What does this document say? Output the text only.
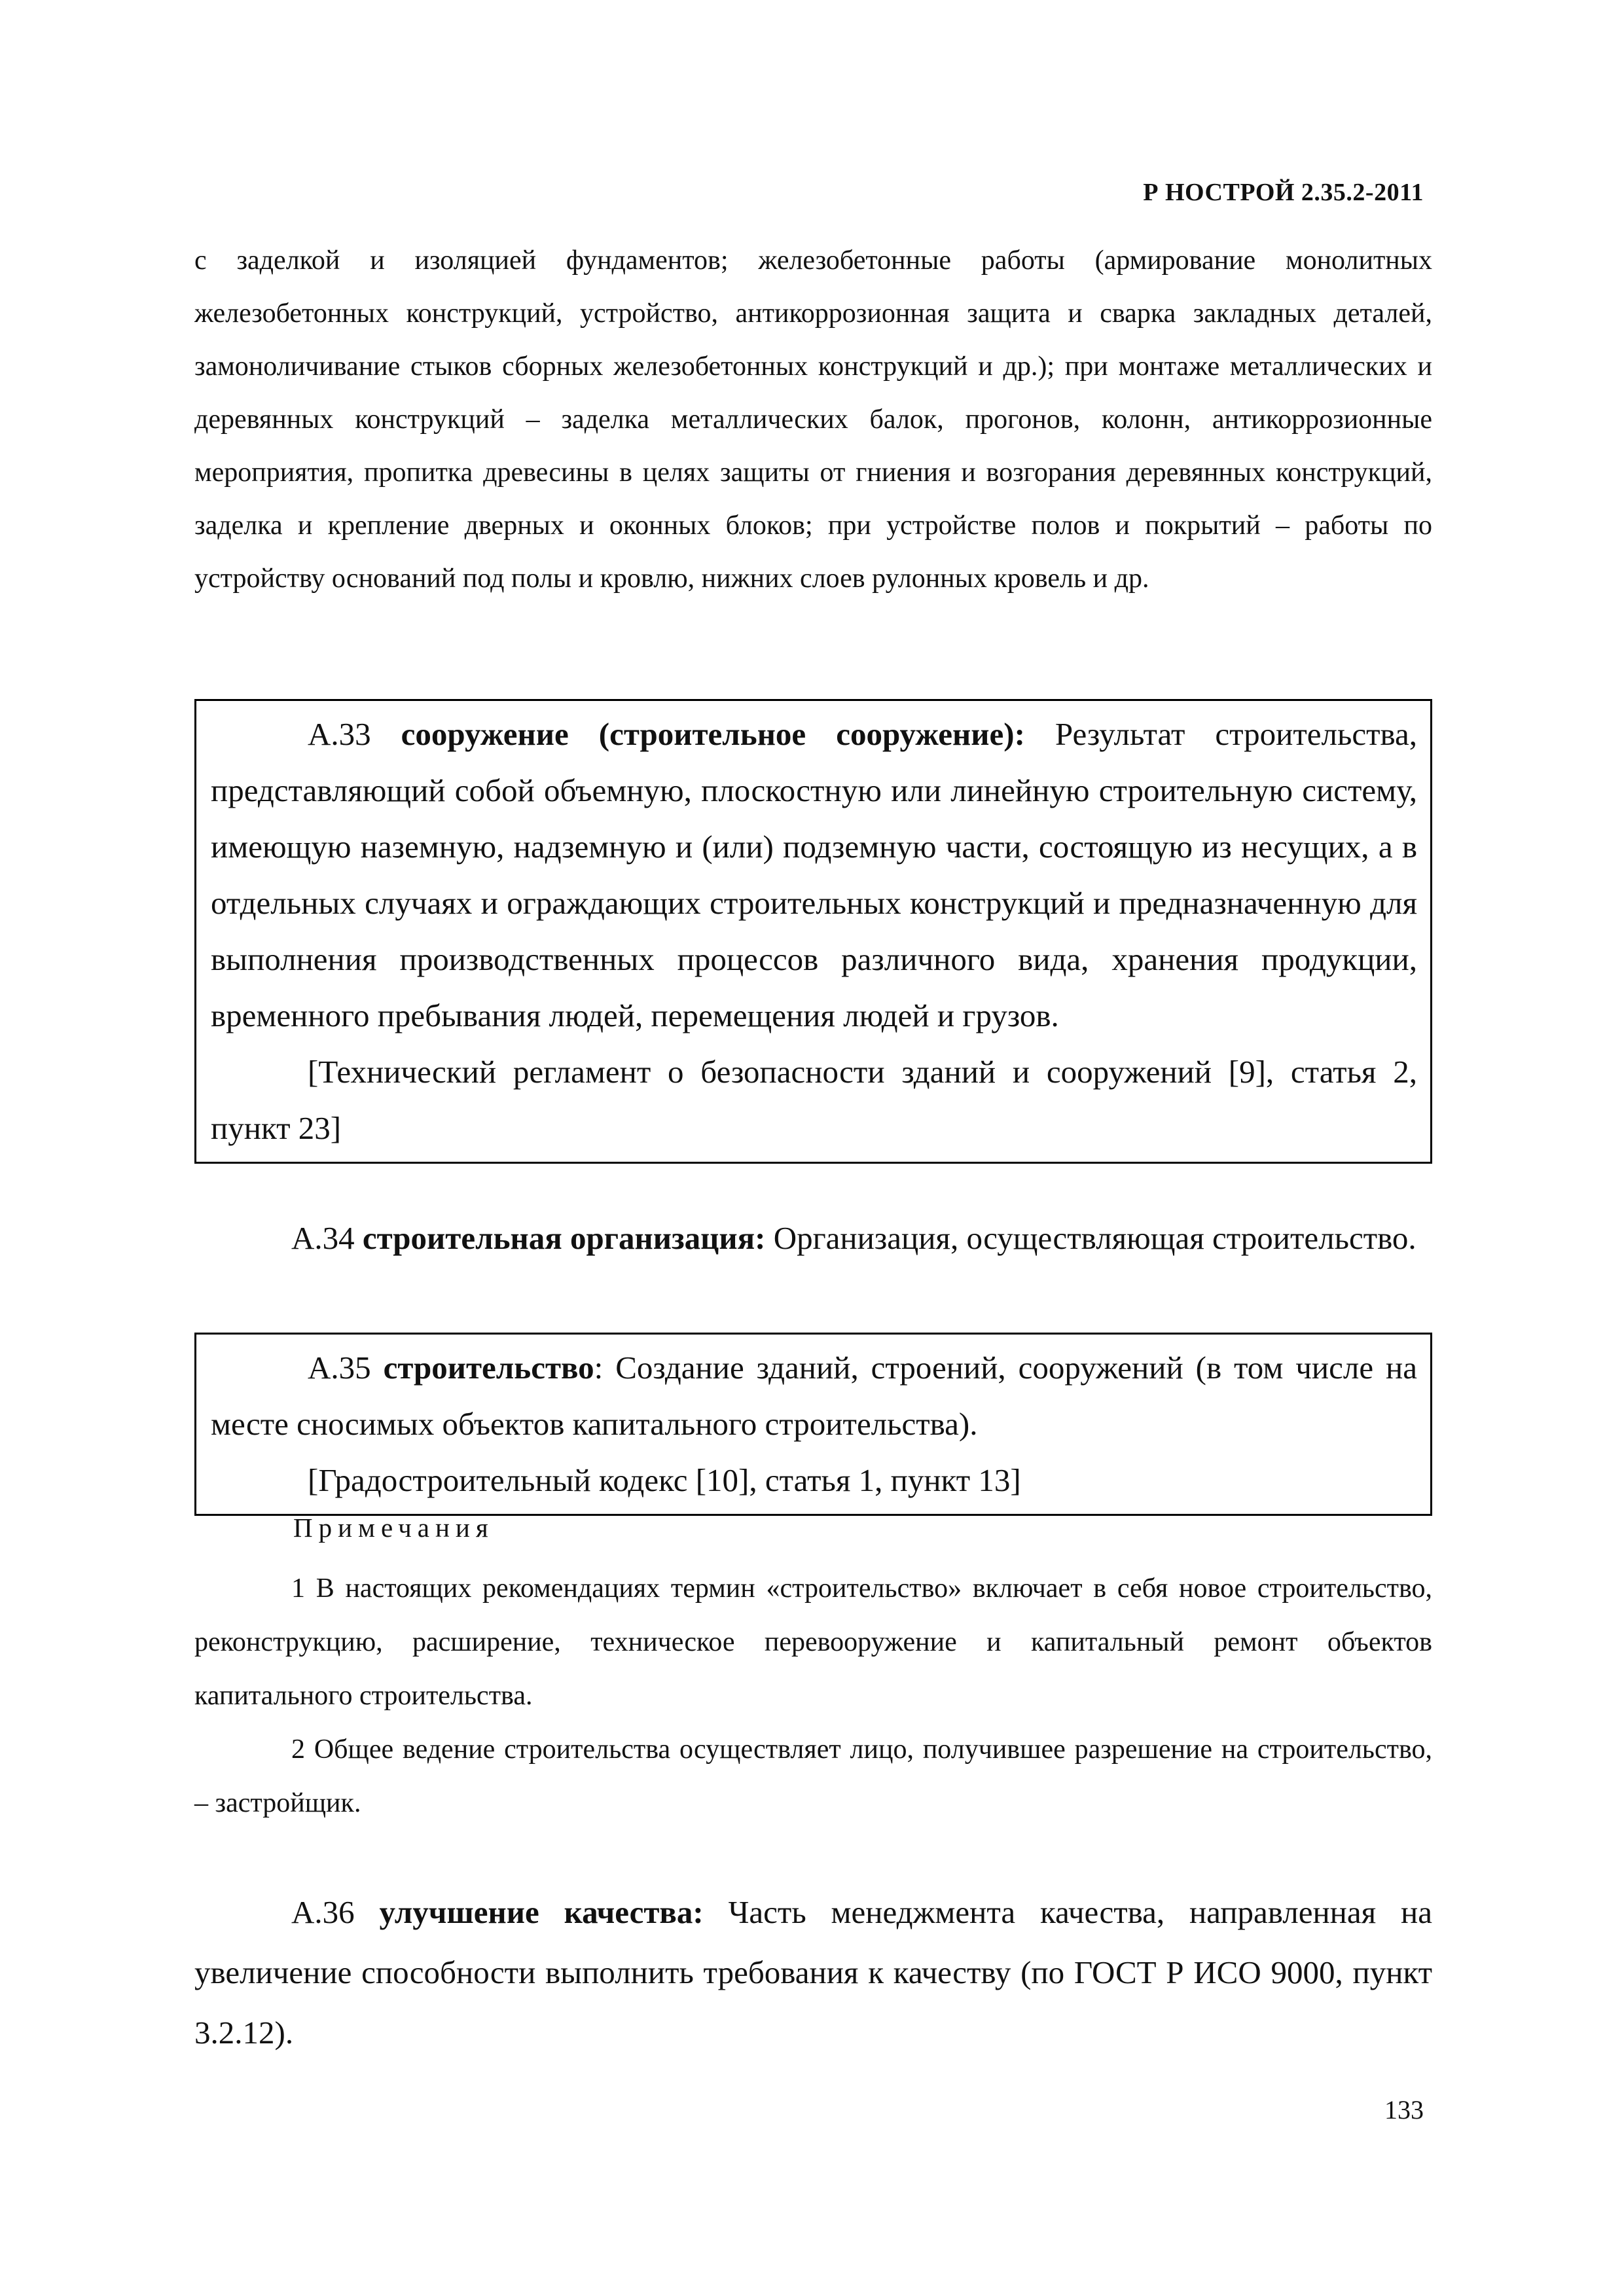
Р НОСТРОЙ 2.35.2-2011

с заделкой и изоляцией фундаментов; железобетонные работы (армирование монолитных железобетонных конструкций, устройство, антикоррозионная защита и сварка закладных деталей, замоноличивание стыков сборных железобетонных конструкций и др.); при монтаже металлических и деревянных конструкций – заделка металлических балок, прогонов, колонн, антикоррозионные мероприятия, пропитка древесины в целях защиты от гниения и возгорания деревянных конструкций, заделка и крепление дверных и оконных блоков; при устройстве полов и покрытий – работы по устройству оснований под полы и кровлю, нижних слоев рулонных кровель и др.

А.33 сооружение (строительное сооружение): Результат строительства, представляющий собой объемную, плоскостную или линейную строительную систему, имеющую наземную, надземную и (или) подземную части, состоящую из несущих, а в отдельных случаях и ограждающих строительных конструкций и предназначенную для выполнения производственных процессов различного вида, хранения продукции, временного пребывания людей, перемещения людей и грузов.

[Технический регламент о безопасности зданий и сооружений [9], статья 2, пункт 23]

А.34 строительная организация: Организация, осуществляющая строительство.

А.35 строительство: Создание зданий, строений, сооружений (в том числе на месте сносимых объектов капитального строительства).

[Градостроительный кодекс [10], статья 1, пункт 13]

Примечания

1 В настоящих рекомендациях термин «строительство» включает в себя новое строительство, реконструкцию, расширение, техническое перевооружение и капитальный ремонт объектов капитального строительства.

2 Общее ведение строительства осуществляет лицо, получившее разрешение на строительство, – застройщик.

А.36 улучшение качества: Часть менеджмента качества, направленная на увеличение способности выполнить требования к качеству (по ГОСТ Р ИСО 9000, пункт 3.2.12).

133
